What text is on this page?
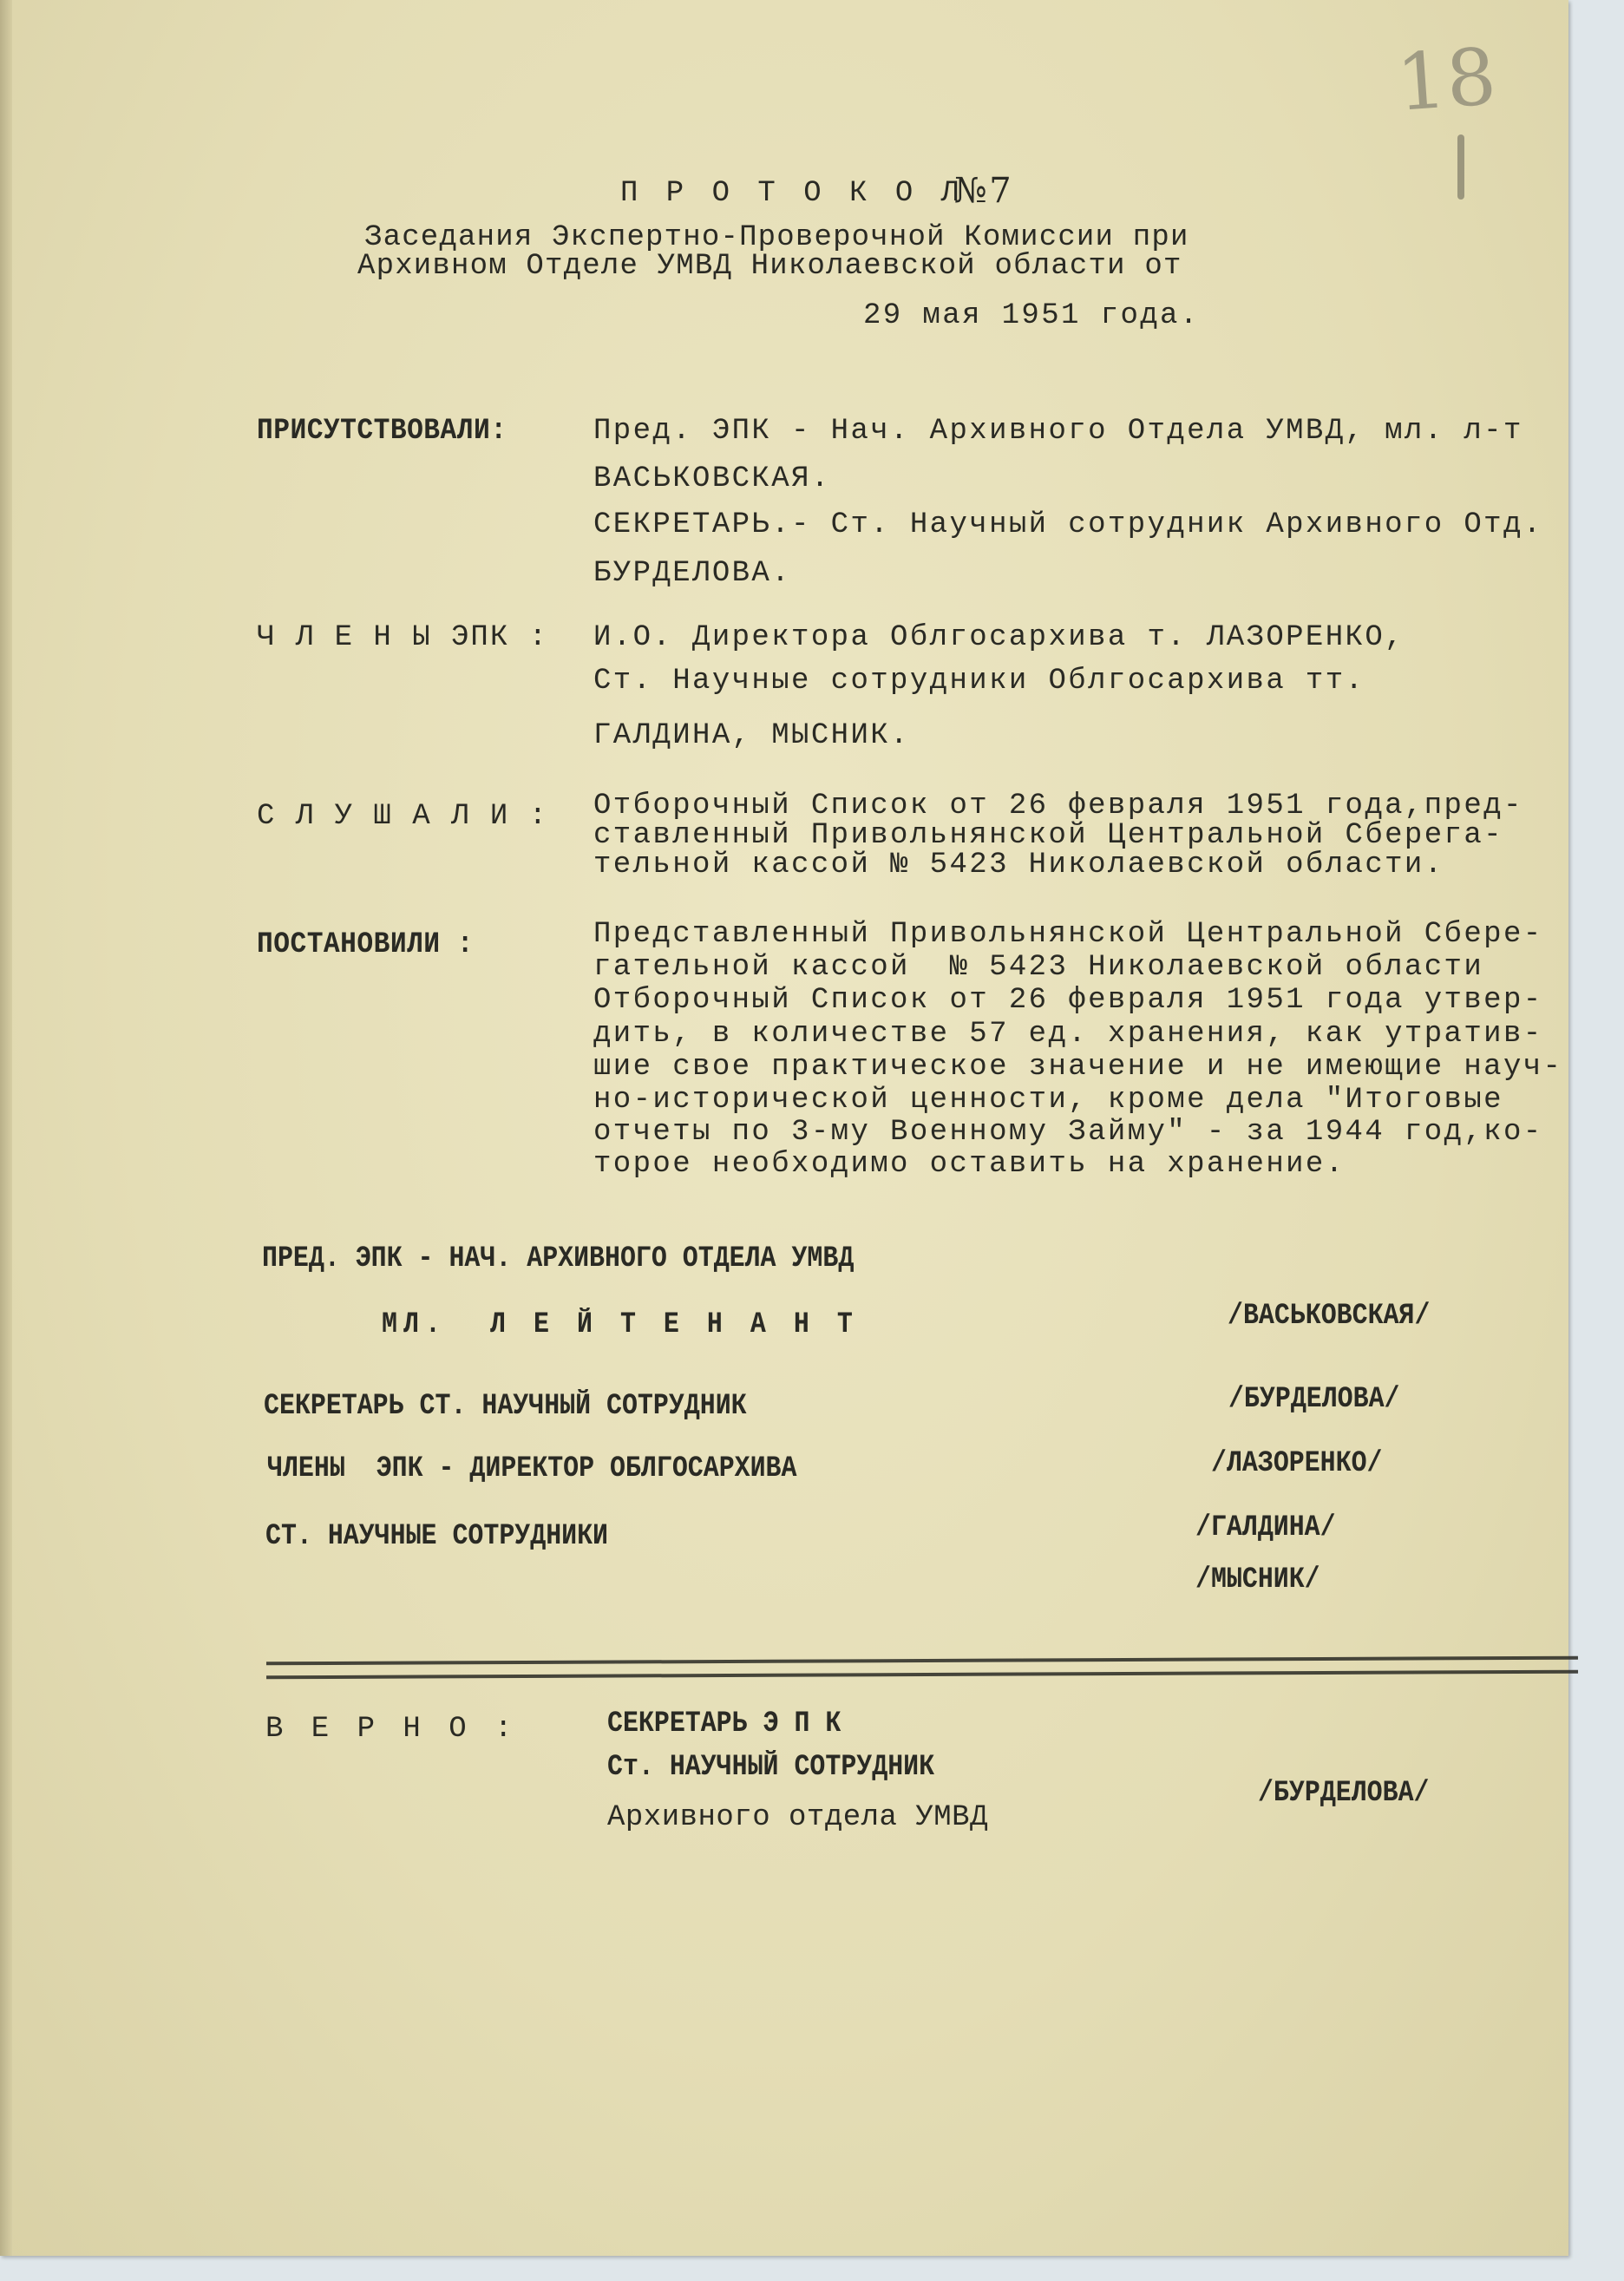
18
П Р О Т О К О Л
№7
Заседания Экспертно-Проверочной Комиссии при
Архивном Отделе УМВД Николаевской области от
29 мая 1951 года.
ПРИСУТСТВОВАЛИ:	Пред. ЭПК - Нач. Архивного Отдела УМВД, мл. л-т
ВАСЬКОВСКАЯ.
СЕКРЕТАРЬ.- Ст. Научный сотрудник Архивного Отд.
БУРДЕЛОВА.
Ч Л Е Н Ы ЭПК : И.О. Директора Облгосархива т. ЛАЗОРЕНКО,
Ст. Научные сотрудники Облгосархива тт.
ГАЛДИНА, МЫСНИК.
С Л У Ш А Л И : Отборочный Список от 26 февраля 1951 года,пред-
ставленный Привольнянской Центральной Сберега-
тельной кассой № 5423 Николаевской области.
ПОСТАНОВИЛИ :	Представленный Привольнянской Центральной Сбере-
гательной кассой  № 5423 Николаевской области
Отборочный Список от 26 февраля 1951 года утвер-
дить, в количестве 57 ед. хранения, как утратив-
шие свое практическое значение и не имеющие науч-
но-исторической ценности, кроме дела "Итоговые
отчеты по 3-му Военному Займу" - за 1944 год,ко-
торое необходимо оставить на хранение.
ПРЕД. ЭПК - НАЧ. АРХИВНОГО ОТДЕЛА УМВД
МЛ.  Л Е Й Т Е Н А Н Т	/ВАСЬКОВСКАЯ/
СЕКРЕТАРЬ СТ. НАУЧНЫЙ СОТРУДНИК	/БУРДЕЛОВА/
ЧЛЕНЫ  ЭПК - ДИРЕКТОР ОБЛГОСАРХИВА	/ЛАЗОРЕНКО/
СТ. НАУЧНЫЕ СОТРУДНИКИ	/ГАЛДИНА/
/МЫСНИК/
В Е Р Н О :	СЕКРЕТАРЬ Э П К
Ст. НАУЧНЫЙ СОТРУДНИК
Архивного отдела УМВД
/БУРДЕЛОВА/
